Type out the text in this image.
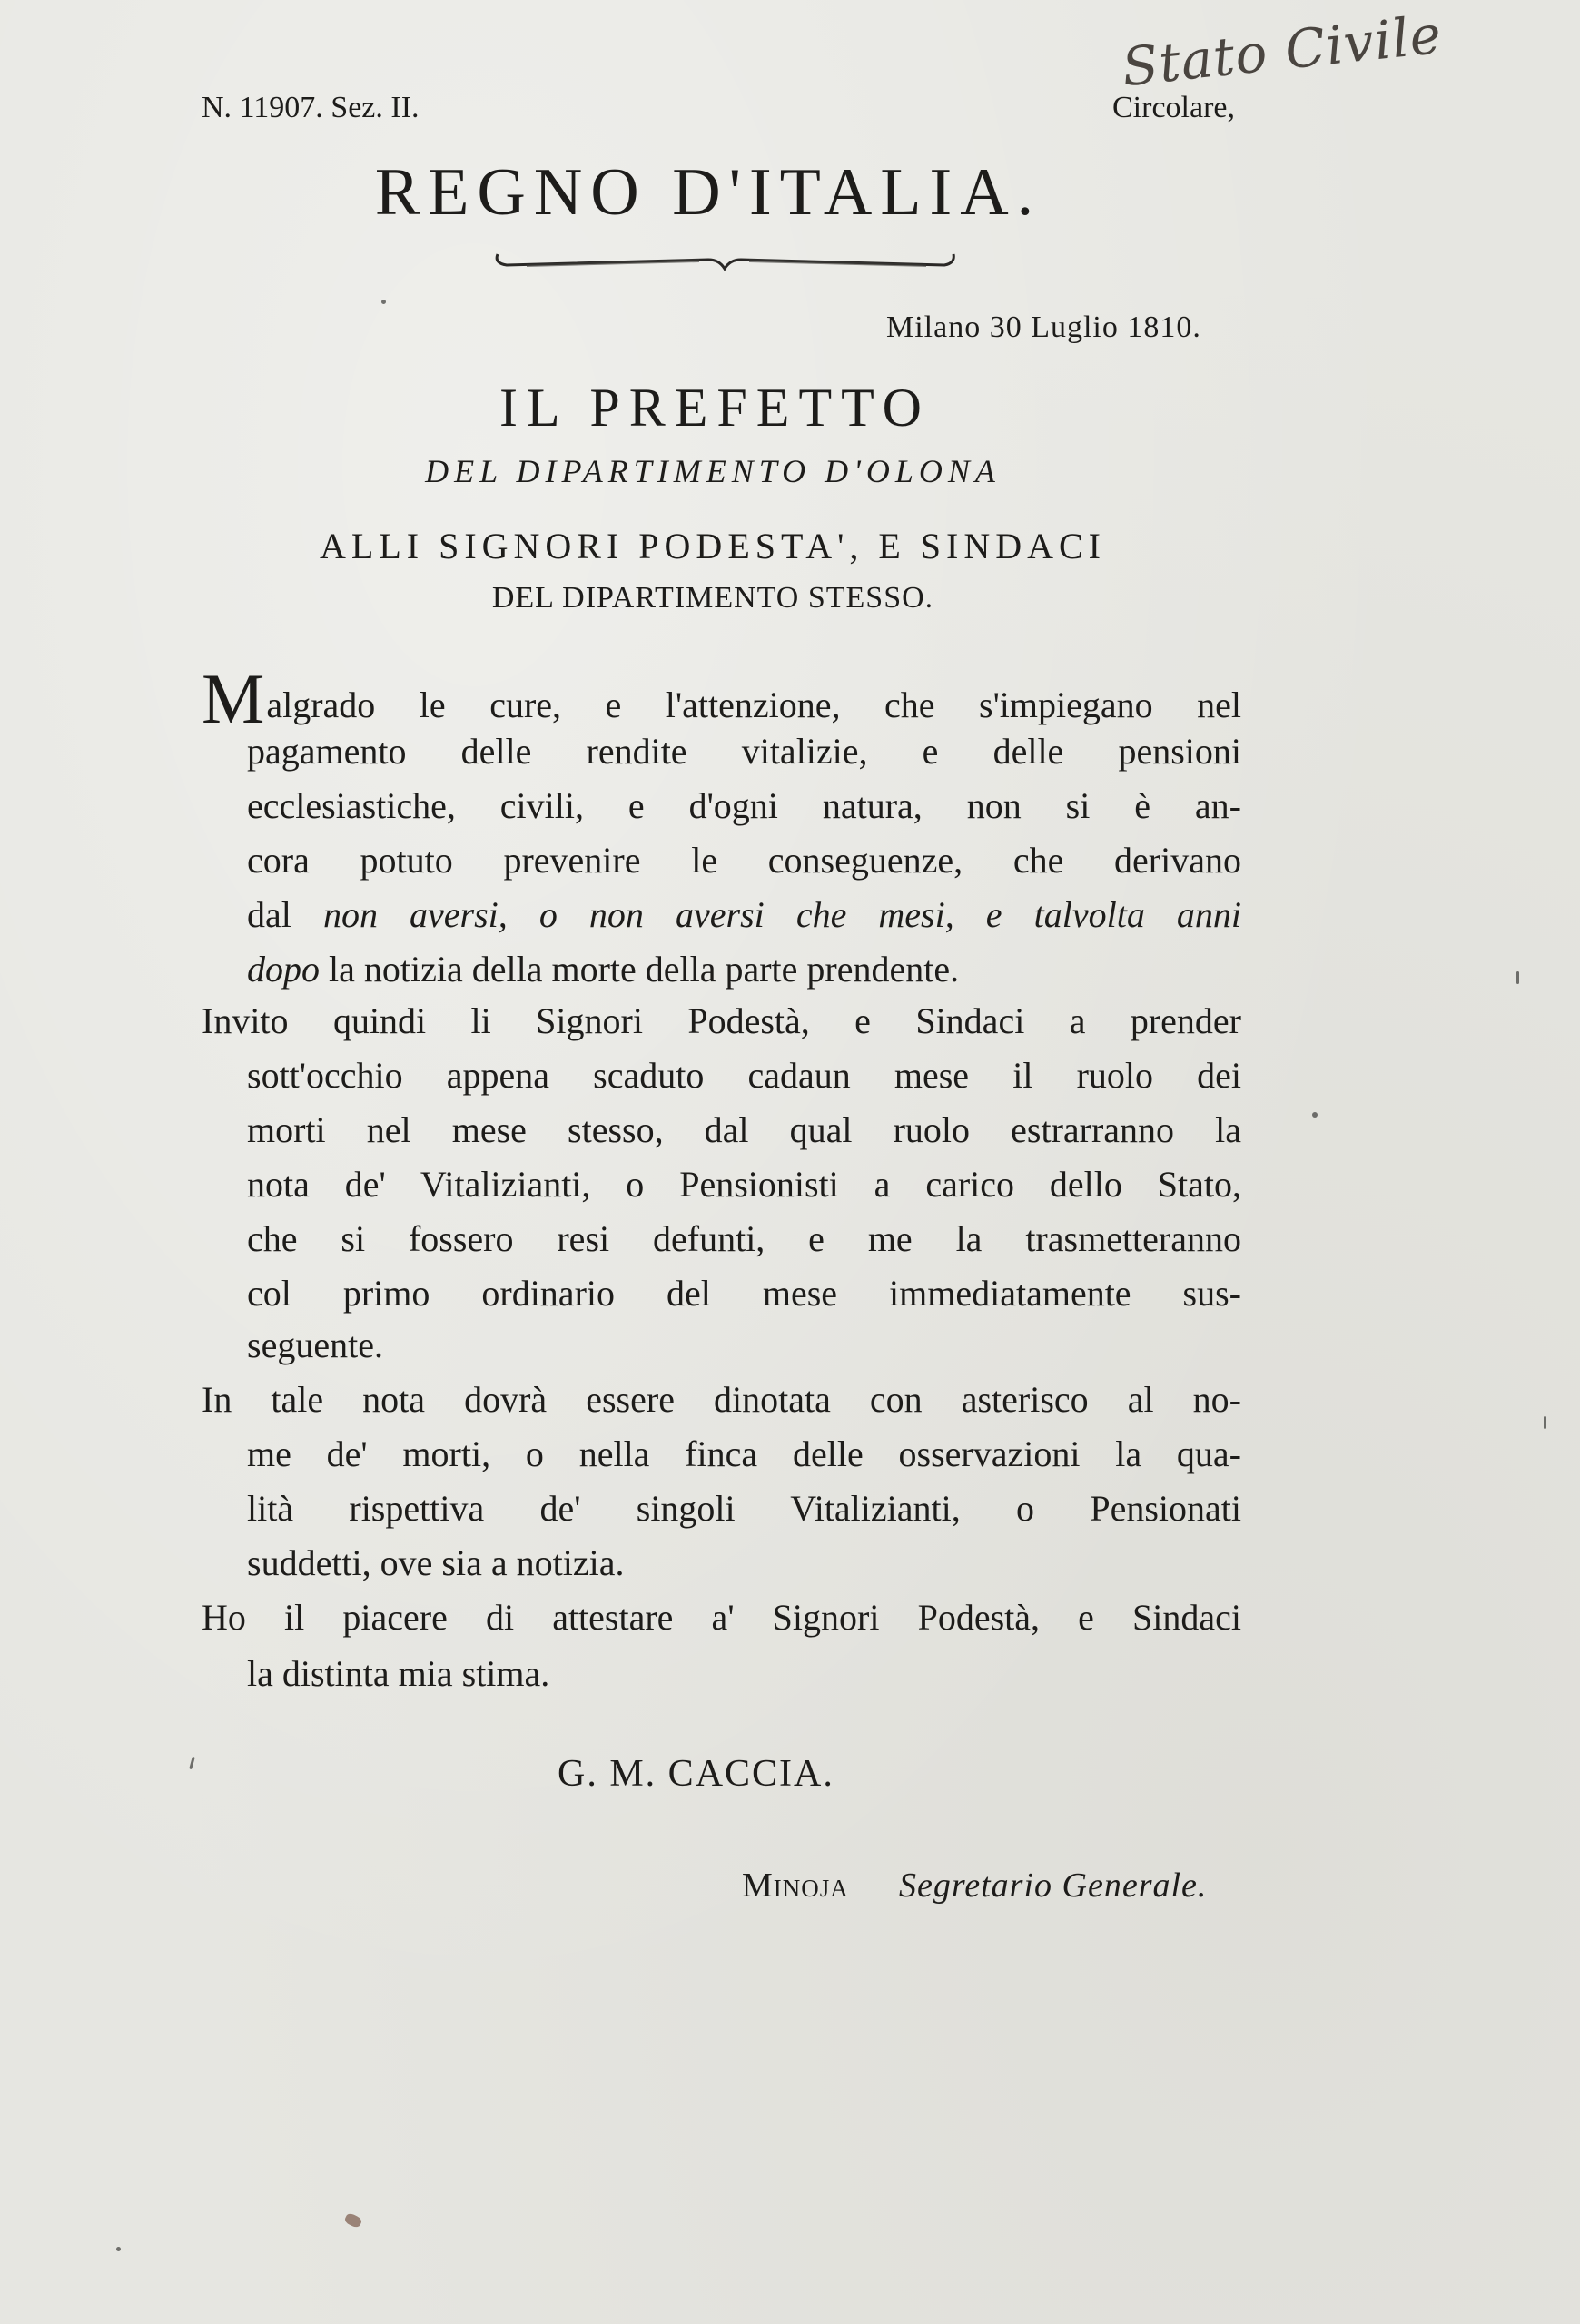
Stato Civile
N. 11907. Sez. II.	Circolare,
REGNO D'ITALIA.
Milano 30 Luglio 1810.
IL PREFETTO
DEL DIPARTIMENTO D'OLONA
ALLI SIGNORI PODESTA', E SINDACI
DEL DIPARTIMENTO STESSO.
Malgrado le cure, e l'attenzione, che s'impiegano nel
pagamento delle rendite vitalizie, e delle pensioni
ecclesiastiche, civili, e d'ogni natura, non si è an-
cora potuto prevenire le conseguenze, che derivano
dal non aversi, o non aversi che mesi, e talvolta anni
dopo la notizia della morte della parte prendente.
Invito quindi li Signori Podestà, e Sindaci a prender
sott'occhio appena scaduto cadaun mese il ruolo dei
morti nel mese stesso, dal qual ruolo estrarranno la
nota de' Vitalizianti, o Pensionisti a carico dello Stato,
che si fossero resi defunti, e me la trasmetteranno
col primo ordinario del mese immediatamente sus-
seguente.
In tale nota dovrà essere dinotata con asterisco al no-
me de' morti, o nella finca delle osservazioni la qua-
lità rispettiva de' singoli Vitalizianti, o Pensionati
suddetti, ove sia a notizia.
Ho il piacere di attestare a' Signori Podestà, e Sindaci
la distinta mia stima.
G. M. CACCIA.
Minoja Segretario Generale.
